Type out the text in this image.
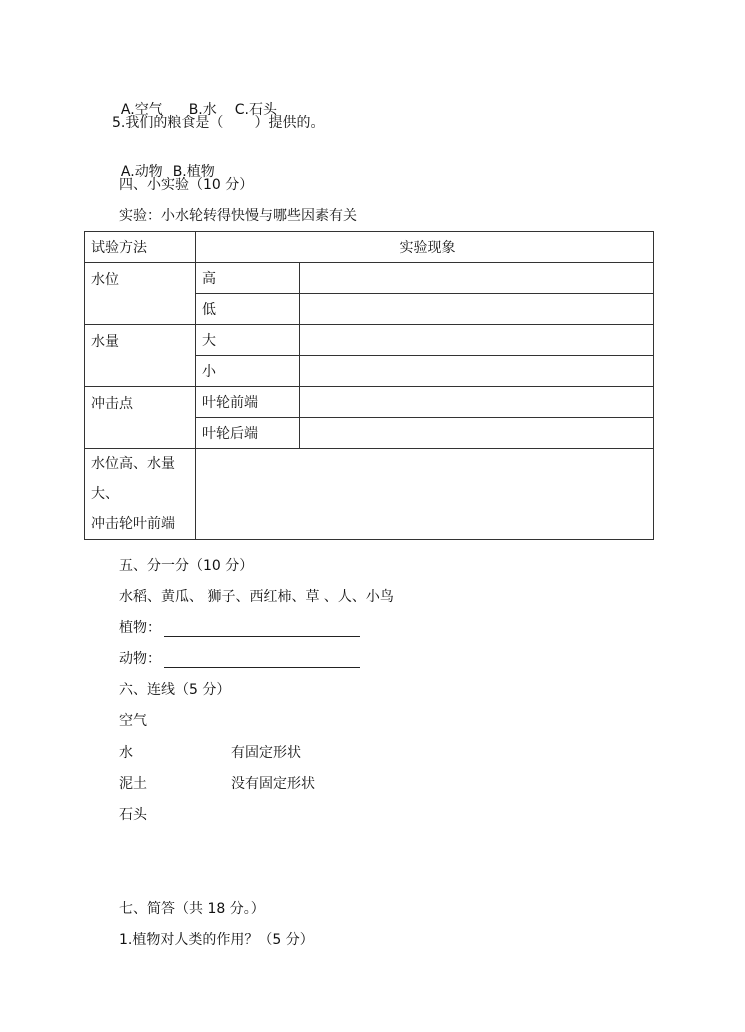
A.空气 B.水 C.石头

5.我们的粮食是（       ）提供的。

A.动物 B.植物

四、小实验（10 分）
实验：小水轮转得快慢与哪些因素有关
试验方法	实验现象	
水位	高	
	低	
水量	大	
	小	
冲击点	叶轮前端	
	叶轮后端	

水位高、水量大、
冲击轮叶前端		

五、分一分（10 分）
水稻、黄瓜、 狮子、西红柿、草 、人、小鸟
植物：
动物：
六、连线（5 分）
空气
水	有固定形状
泥土	没有固定形状
石头
七、简答（共 18 分。）
1.植物对人类的作用？（5 分）
